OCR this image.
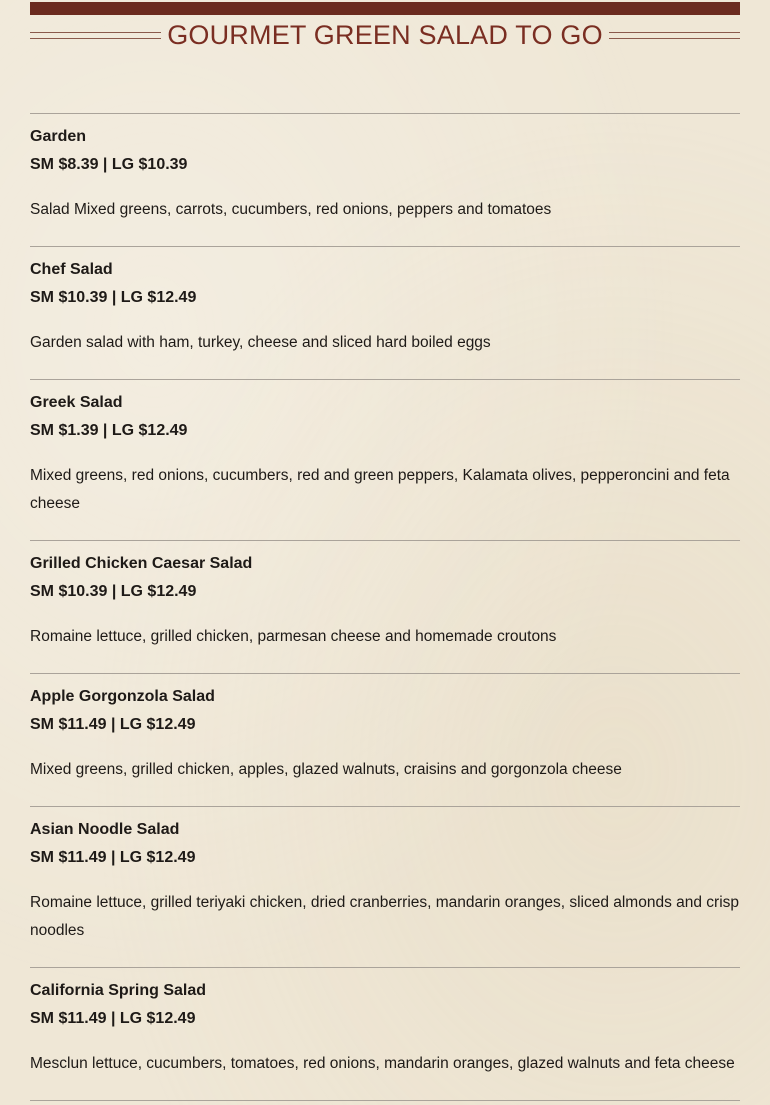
GOURMET GREEN SALAD TO GO
Garden
SM $8.39 | LG $10.39
Salad Mixed greens, carrots, cucumbers, red onions, peppers and tomatoes
Chef Salad
SM $10.39 | LG $12.49
Garden salad with ham, turkey, cheese and sliced hard boiled eggs
Greek Salad
SM $1.39 | LG $12.49
Mixed greens, red onions, cucumbers, red and green peppers, Kalamata olives, pepperoncini and feta cheese
Grilled Chicken Caesar Salad
SM $10.39 | LG $12.49
Romaine lettuce, grilled chicken, parmesan cheese and homemade croutons
Apple Gorgonzola Salad
SM $11.49 | LG $12.49
Mixed greens, grilled chicken, apples, glazed walnuts, craisins and gorgonzola cheese
Asian Noodle Salad
SM $11.49 | LG $12.49
Romaine lettuce, grilled teriyaki chicken, dried cranberries, mandarin oranges, sliced almonds and crisp noodles
California Spring Salad
SM $11.49 | LG $12.49
Mesclun lettuce, cucumbers, tomatoes, red onions, mandarin oranges, glazed walnuts and feta cheese
